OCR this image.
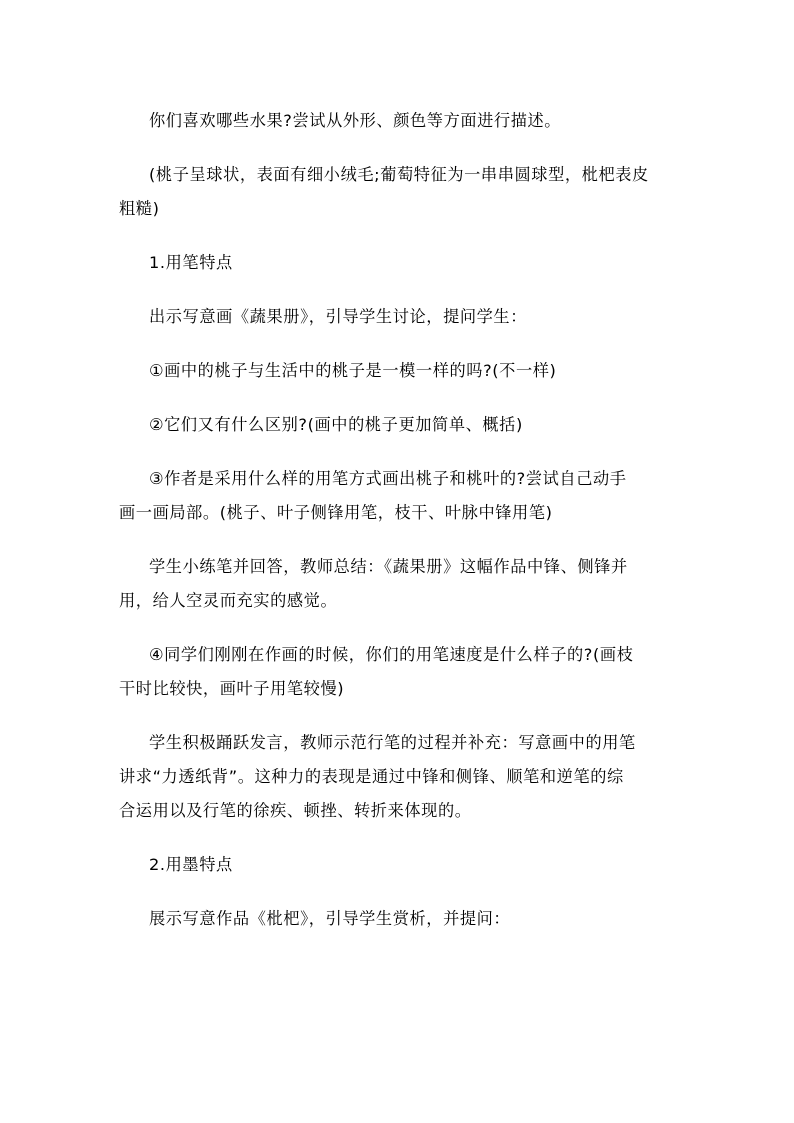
你们喜欢哪些水果?尝试从外形、颜色等方面进行描述。

(桃子呈球状，表面有细小绒毛;葡萄特征为一串串圆球型，枇杷表皮
粗糙)

1.用笔特点

出示写意画《蔬果册》，引导学生讨论，提问学生：

①画中的桃子与生活中的桃子是一模一样的吗?(不一样)

②它们又有什么区别?(画中的桃子更加简单、概括)

③作者是采用什么样的用笔方式画出桃子和桃叶的?尝试自己动手
画一画局部。(桃子、叶子侧锋用笔，枝干、叶脉中锋用笔)

学生小练笔并回答，教师总结：《蔬果册》这幅作品中锋、侧锋并
用，给人空灵而充实的感觉。

④同学们刚刚在作画的时候，你们的用笔速度是什么样子的?(画枝
干时比较快，画叶子用笔较慢)

学生积极踊跃发言，教师示范行笔的过程并补充：写意画中的用笔
讲求“力透纸背”。这种力的表现是通过中锋和侧锋、顺笔和逆笔的综
合运用以及行笔的徐疾、顿挫、转折来体现的。

2.用墨特点

展示写意作品《枇杷》，引导学生赏析，并提问：
